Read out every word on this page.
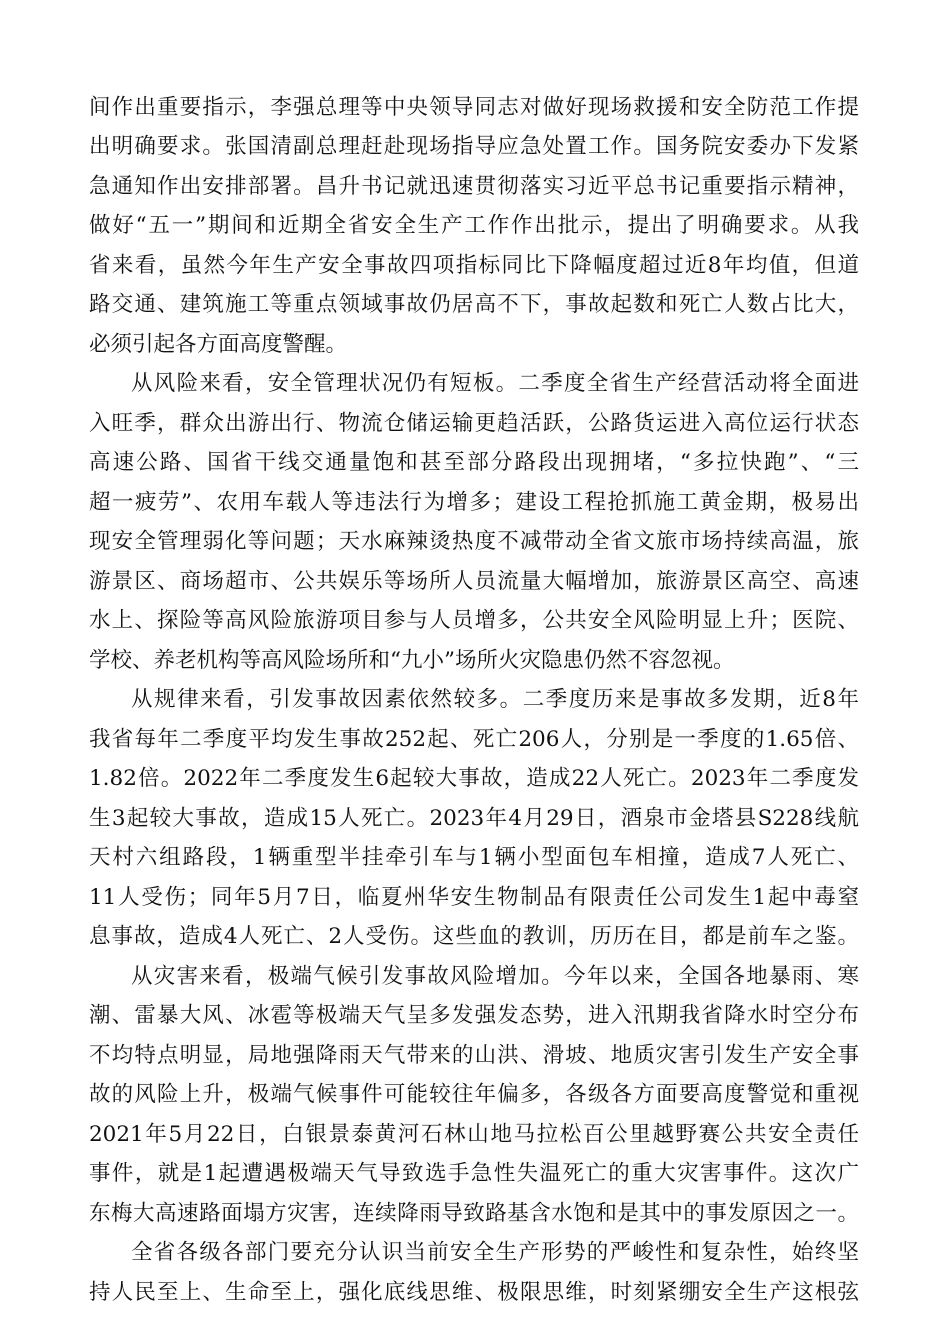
间作出重要指示，李强总理等中央领导同志对做好现场救援和安全防范工作提
出明确要求。张国清副总理赶赴现场指导应急处置工作。国务院安委办下发紧
急通知作出安排部署。昌升书记就迅速贯彻落实习近平总书记重要指示精神，
做好“五一”期间和近期全省安全生产工作作出批示，提出了明确要求。从我
省来看，虽然今年生产安全事故四项指标同比下降幅度超过近8年均值，但道
路交通、建筑施工等重点领域事故仍居高不下，事故起数和死亡人数占比大，
必须引起各方面高度警醒。
从风险来看，安全管理状况仍有短板。二季度全省生产经营活动将全面进
入旺季，群众出游出行、物流仓储运输更趋活跃，公路货运进入高位运行状态
高速公路、国省干线交通量饱和甚至部分路段出现拥堵，“多拉快跑”、“三
超一疲劳”、农用车载人等违法行为增多；建设工程抢抓施工黄金期，极易出
现安全管理弱化等问题；天水麻辣烫热度不减带动全省文旅市场持续高温，旅
游景区、商场超市、公共娱乐等场所人员流量大幅增加，旅游景区高空、高速
水上、探险等高风险旅游项目参与人员增多，公共安全风险明显上升；医院、
学校、养老机构等高风险场所和“九小”场所火灾隐患仍然不容忽视。
从规律来看，引发事故因素依然较多。二季度历来是事故多发期，近8年
我省每年二季度平均发生事故252起、死亡206人，分别是一季度的1.65倍、
1.82倍。2022年二季度发生6起较大事故，造成22人死亡。2023年二季度发
生3起较大事故，造成15人死亡。2023年4月29日，酒泉市金塔县S228线航
天村六组路段，1辆重型半挂牵引车与1辆小型面包车相撞，造成7人死亡、
11人受伤；同年5月7日，临夏州华安生物制品有限责任公司发生1起中毒窒
息事故，造成4人死亡、2人受伤。这些血的教训，历历在目，都是前车之鉴。
从灾害来看，极端气候引发事故风险增加。今年以来，全国各地暴雨、寒
潮、雷暴大风、冰雹等极端天气呈多发强发态势，进入汛期我省降水时空分布
不均特点明显，局地强降雨天气带来的山洪、滑坡、地质灾害引发生产安全事
故的风险上升，极端气候事件可能较往年偏多，各级各方面要高度警觉和重视
2021年5月22日，白银景泰黄河石林山地马拉松百公里越野赛公共安全责任
事件，就是1起遭遇极端天气导致选手急性失温死亡的重大灾害事件。这次广
东梅大高速路面塌方灾害，连续降雨导致路基含水饱和是其中的事发原因之一。
全省各级各部门要充分认识当前安全生产形势的严峻性和复杂性，始终坚
持人民至上、生命至上，强化底线思维、极限思维，时刻紧绷安全生产这根弦
